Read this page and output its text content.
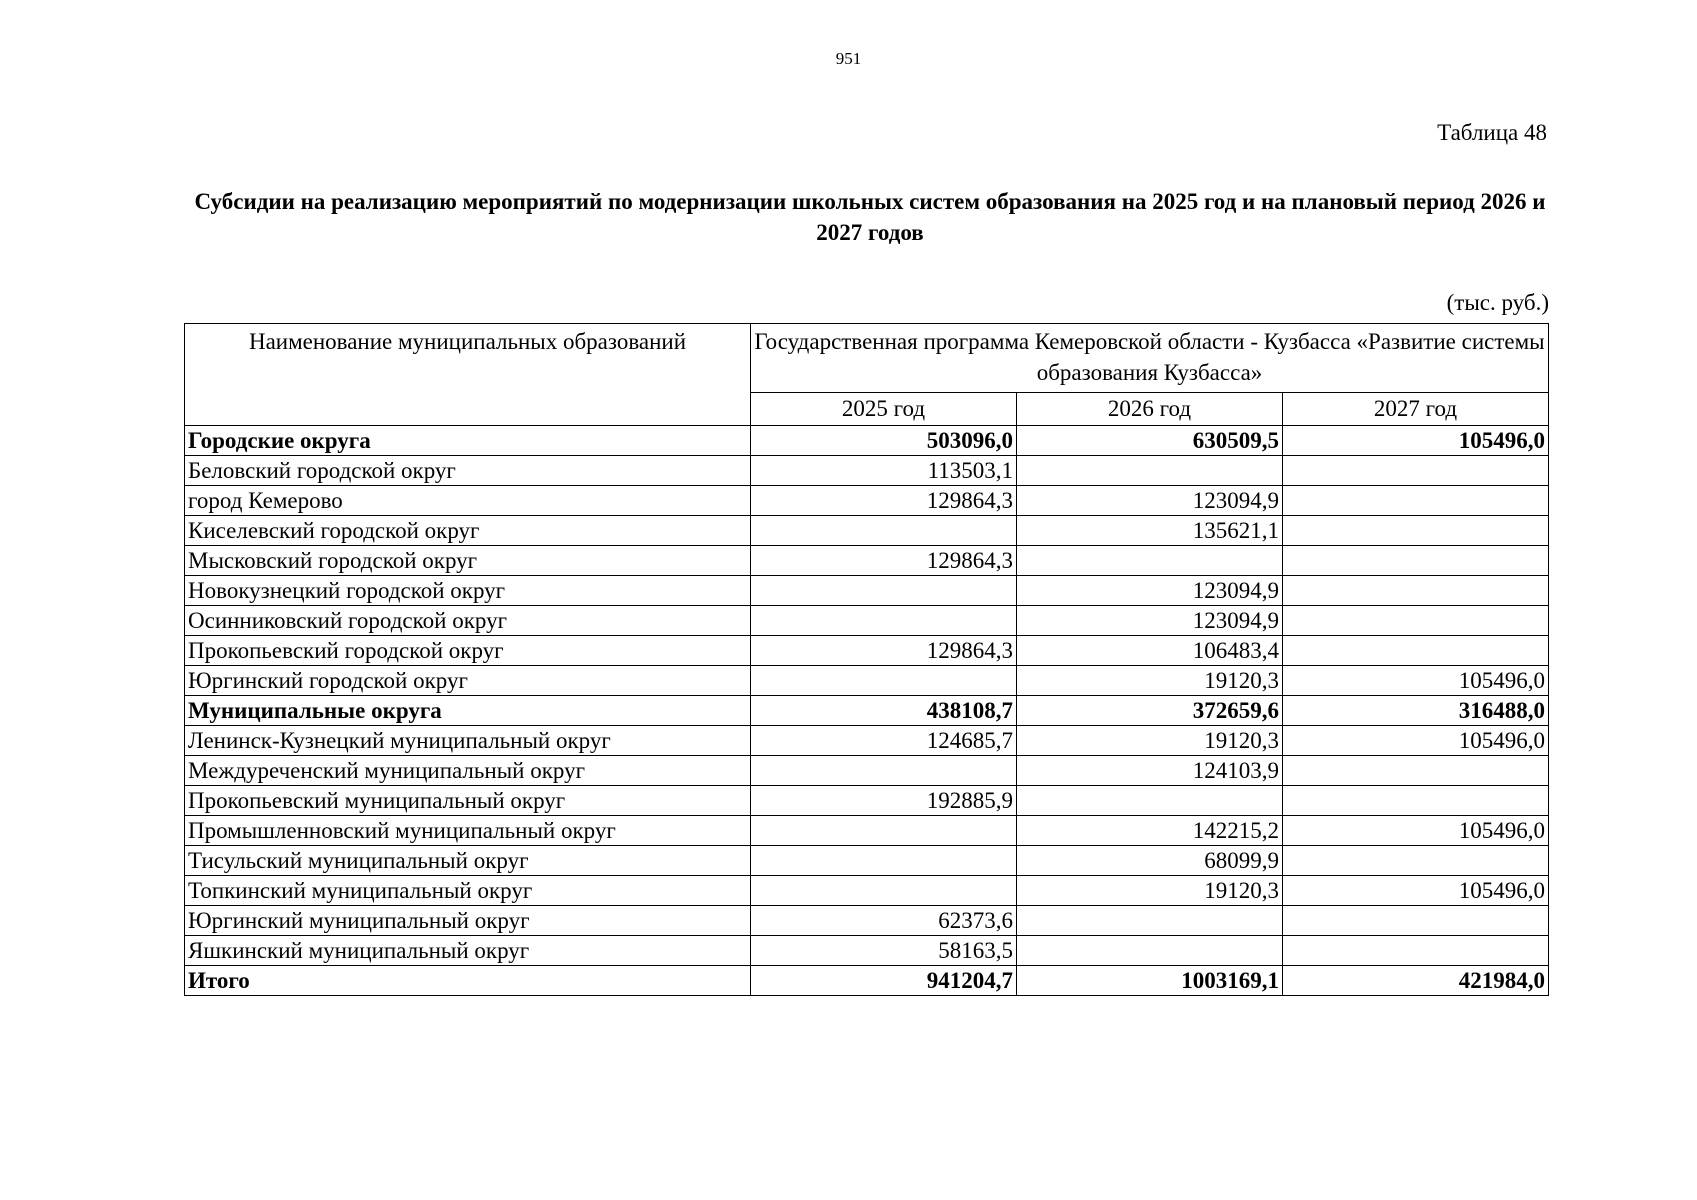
951
Таблица 48
Субсидии на реализацию мероприятий по модернизации школьных систем образования на 2025 год и на плановый период 2026 и 2027 годов
(тыс. руб.)
Наименование муниципальных образований	Государственная программа Кемеровской области - Кузбасса «Развитие системы образования Кузбасса»		
	2025 год	2026 год	2027 год
Городские округа	503096,0	630509,5	105496,0
Беловский городской округ	113503,1		
город Кемерово	129864,3	123094,9	
Киселевский городской округ		135621,1	
Мысковский городской округ	129864,3		
Новокузнецкий городской округ		123094,9	
Осинниковский городской округ		123094,9	
Прокопьевский городской округ	129864,3	106483,4	
Юргинский городской округ		19120,3	105496,0
Муниципальные округа	438108,7	372659,6	316488,0
Ленинск-Кузнецкий муниципальный округ	124685,7	19120,3	105496,0
Междуреченский муниципальный округ		124103,9	
Прокопьевский муниципальный округ	192885,9		
Промышленновский муниципальный округ		142215,2	105496,0
Тисульский муниципальный округ		68099,9	
Топкинский муниципальный округ		19120,3	105496,0
Юргинский муниципальный округ	62373,6		
Яшкинский муниципальный округ	58163,5		
Итого	941204,7	1003169,1	421984,0
